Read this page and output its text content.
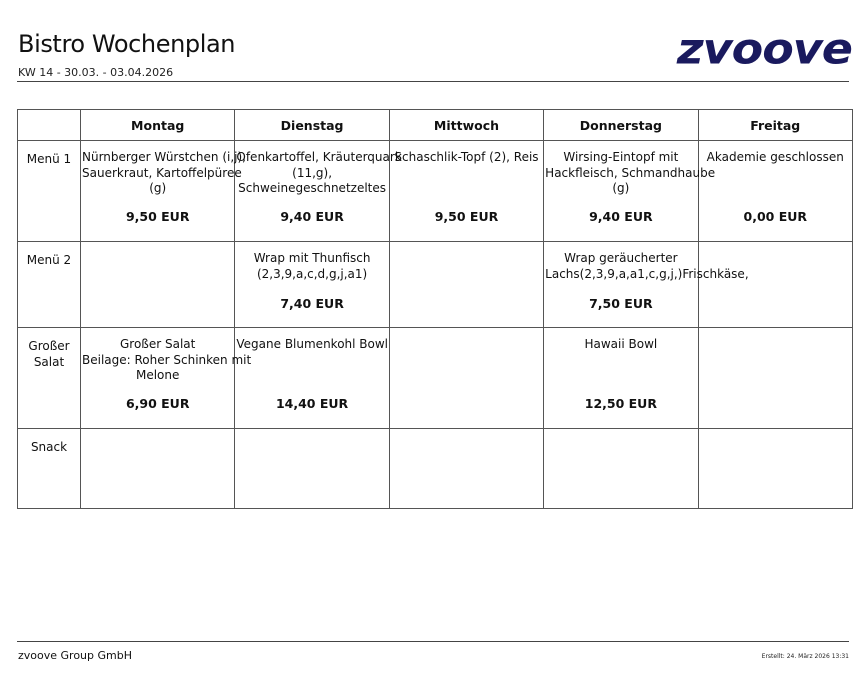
Bistro Wochenplan
KW 14 - 30.03. - 03.04.2026	zvoove
	Montag	Dienstag	Mittwoch	Donnerstag	Freitag
Menü 1	Nürnberger Würstchen (i,j),
Sauerkraut, Kartoffelpüree
(g)
9,50 EUR	Ofenkartoffel, Kräuterquark
(11,g),
Schweinegeschnetzeltes
9,40 EUR	Schaschlik-Topf (2), Reis
9,50 EUR	Wirsing-Eintopf mit
Hackfleisch, Schmandhaube
(g)
9,40 EUR	Akademie geschlossen
0,00 EUR

Menü 2		Wrap mit Thunfisch
(2,3,9,a,c,d,g,j,a1)
7,40 EUR		Wrap geräucherter
Lachs(2,3,9,a,a1,c,g,j,)Frischkäse,
7,50 EUR	

Großer
Salat	Großer Salat
Beilage: Roher Schinken mit
Melone
6,90 EUR	Vegane Blumenkohl Bowl
14,40 EUR		Hawaii Bowl
12,50 EUR	

Snack	

zvoove Group GmbH	Erstellt: 24. März 2026 13:31
